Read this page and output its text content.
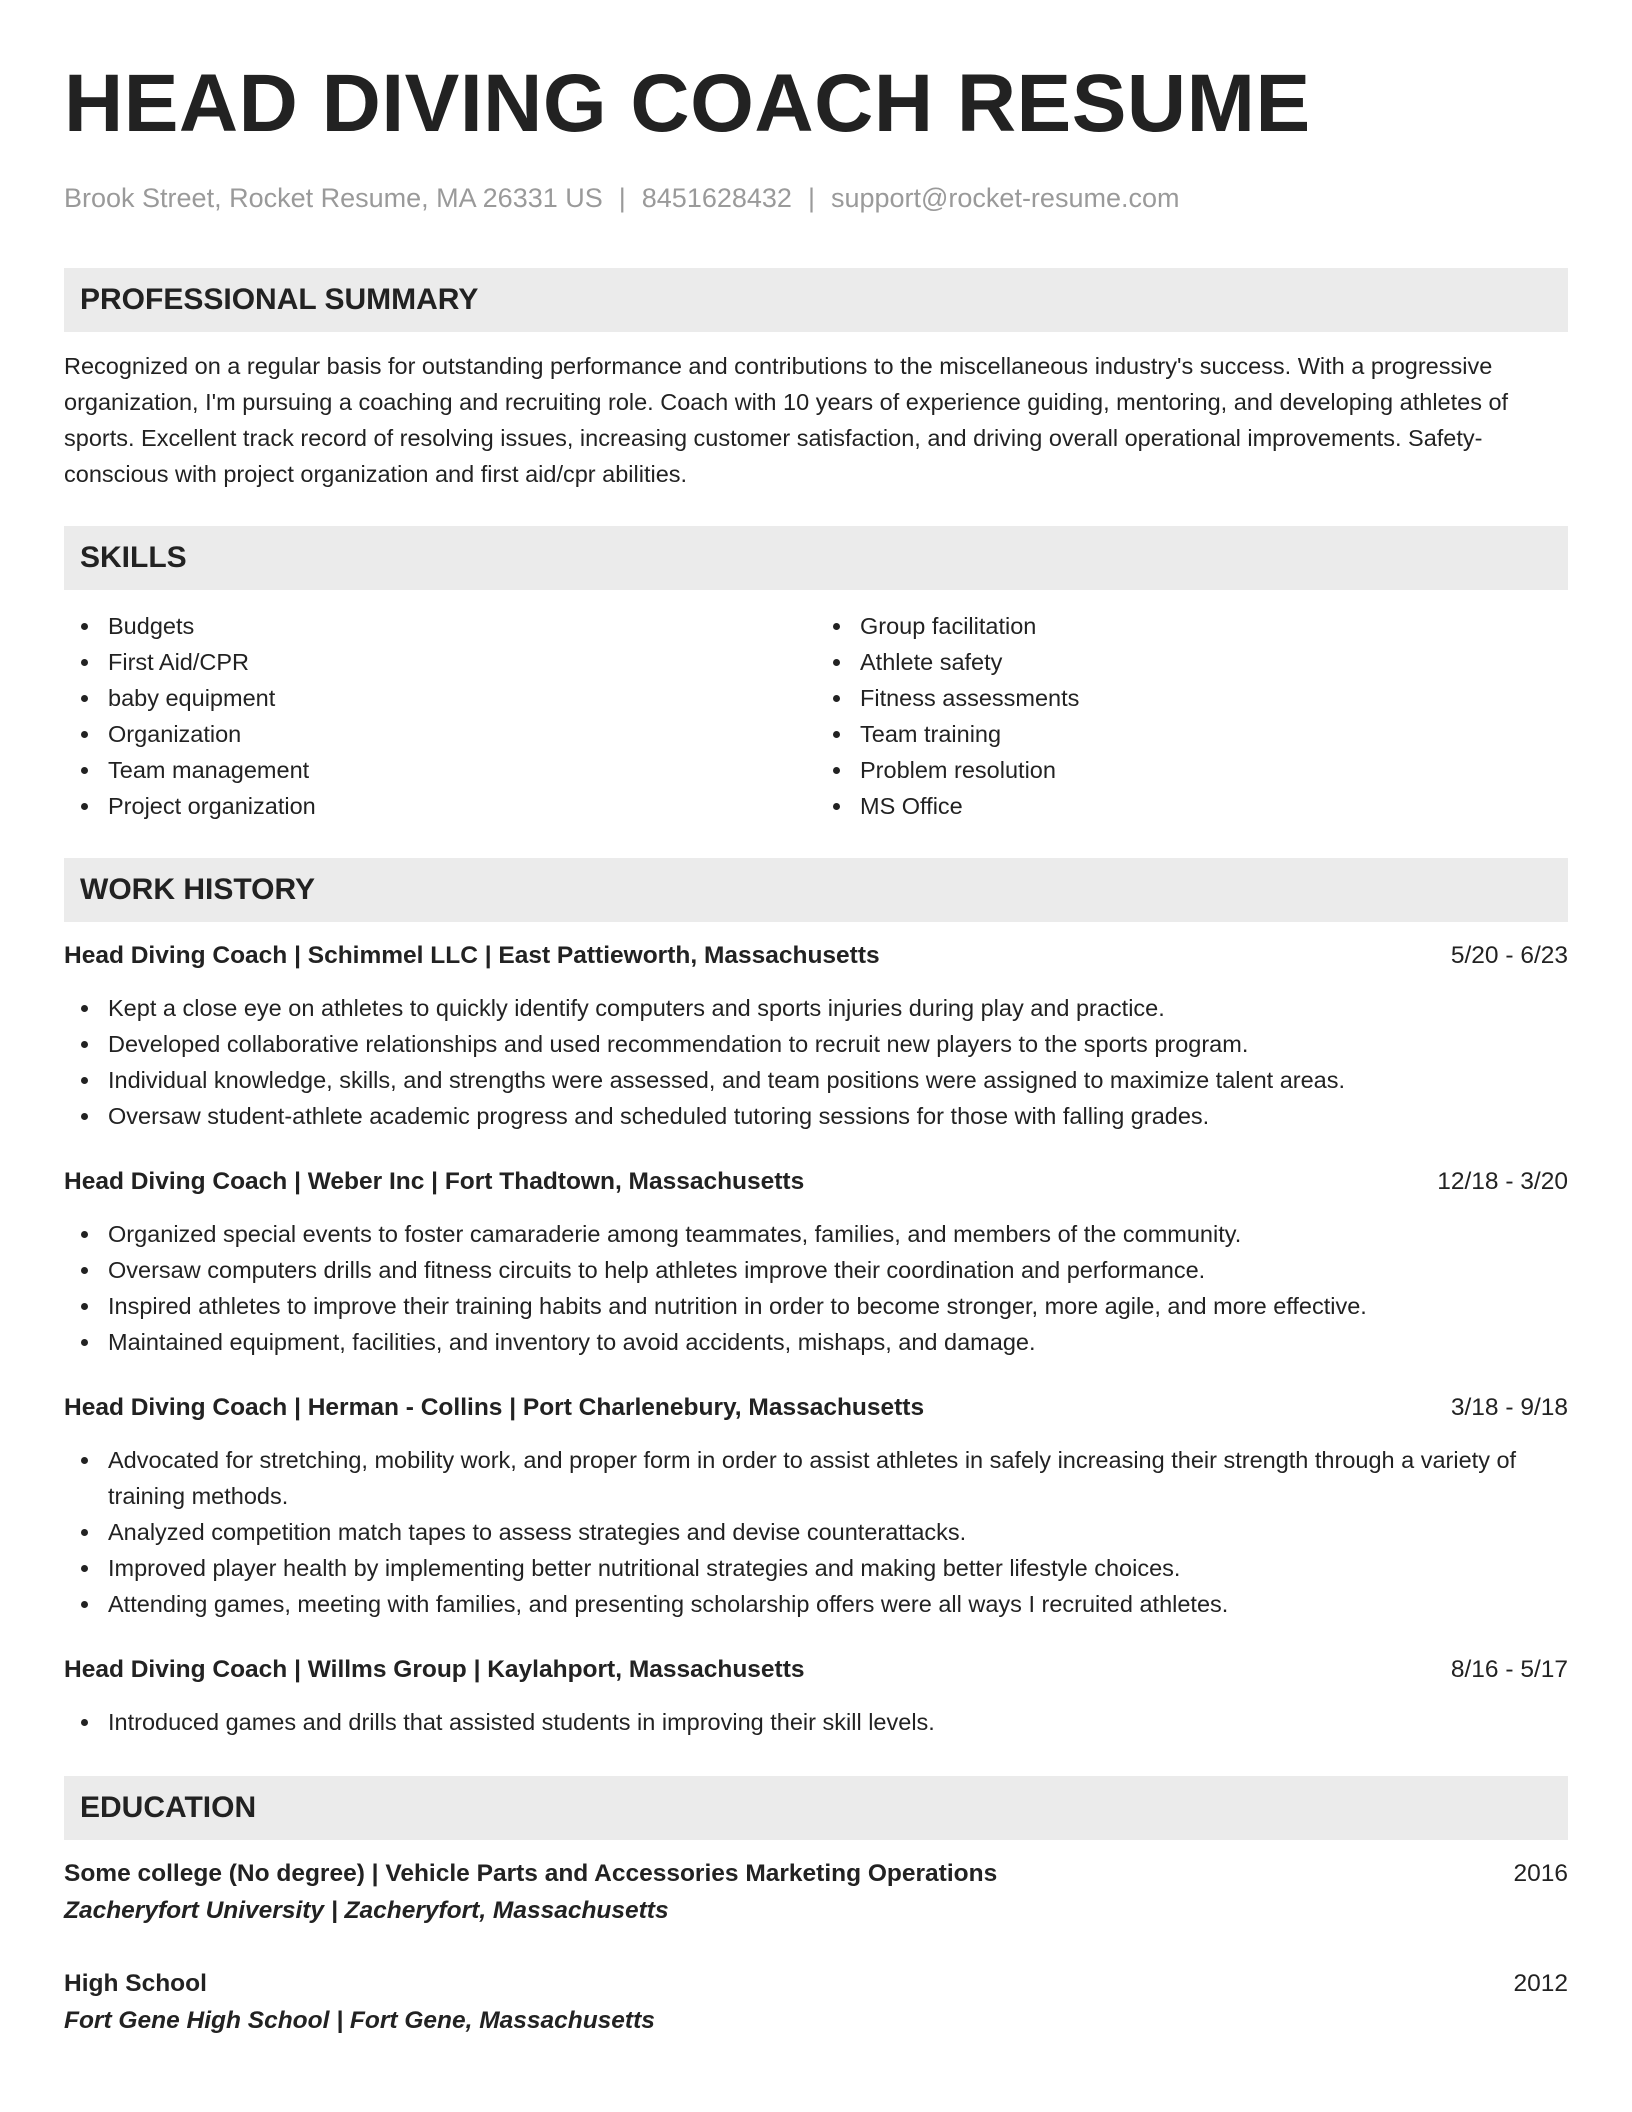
HEAD DIVING COACH RESUME
Brook Street, Rocket Resume, MA 26331 US | 8451628432 | support@rocket-resume.com
PROFESSIONAL SUMMARY

Recognized on a regular basis for outstanding performance and contributions to the miscellaneous industry's success. With a progressive organization, I'm pursuing a coaching and recruiting role. Coach with 10 years of experience guiding, mentoring, and developing athletes of sports. Excellent track record of resolving issues, increasing customer satisfaction, and driving overall operational improvements. Safety-conscious with project organization and first aid/cpr abilities.

SKILLS
Budgets
First Aid/CPR
baby equipment
Organization
Team management
Project organization
Group facilitation
Athlete safety
Fitness assessments
Team training
Problem resolution
MS Office
WORK HISTORY
Head Diving Coach | Schimmel LLC | East Pattieworth, Massachusetts	5/20 - 6/23
Kept a close eye on athletes to quickly identify computers and sports injuries during play and practice.
Developed collaborative relationships and used recommendation to recruit new players to the sports program.
Individual knowledge, skills, and strengths were assessed, and team positions were assigned to maximize talent areas.
Oversaw student-athlete academic progress and scheduled tutoring sessions for those with falling grades.
Head Diving Coach | Weber Inc | Fort Thadtown, Massachusetts	12/18 - 3/20
Organized special events to foster camaraderie among teammates, families, and members of the community.
Oversaw computers drills and fitness circuits to help athletes improve their coordination and performance.
Inspired athletes to improve their training habits and nutrition in order to become stronger, more agile, and more effective.
Maintained equipment, facilities, and inventory to avoid accidents, mishaps, and damage.
Head Diving Coach | Herman - Collins | Port Charlenebury, Massachusetts	3/18 - 9/18
Advocated for stretching, mobility work, and proper form in order to assist athletes in safely increasing their strength through a variety of training methods.
Analyzed competition match tapes to assess strategies and devise counterattacks.
Improved player health by implementing better nutritional strategies and making better lifestyle choices.
Attending games, meeting with families, and presenting scholarship offers were all ways I recruited athletes.
Head Diving Coach | Willms Group | Kaylahport, Massachusetts	8/16 - 5/17
Introduced games and drills that assisted students in improving their skill levels.
EDUCATION
Some college (No degree) | Vehicle Parts and Accessories Marketing Operations	2016
Zacheryfort University | Zacheryfort, Massachusetts
High School	2012
Fort Gene High School | Fort Gene, Massachusetts
